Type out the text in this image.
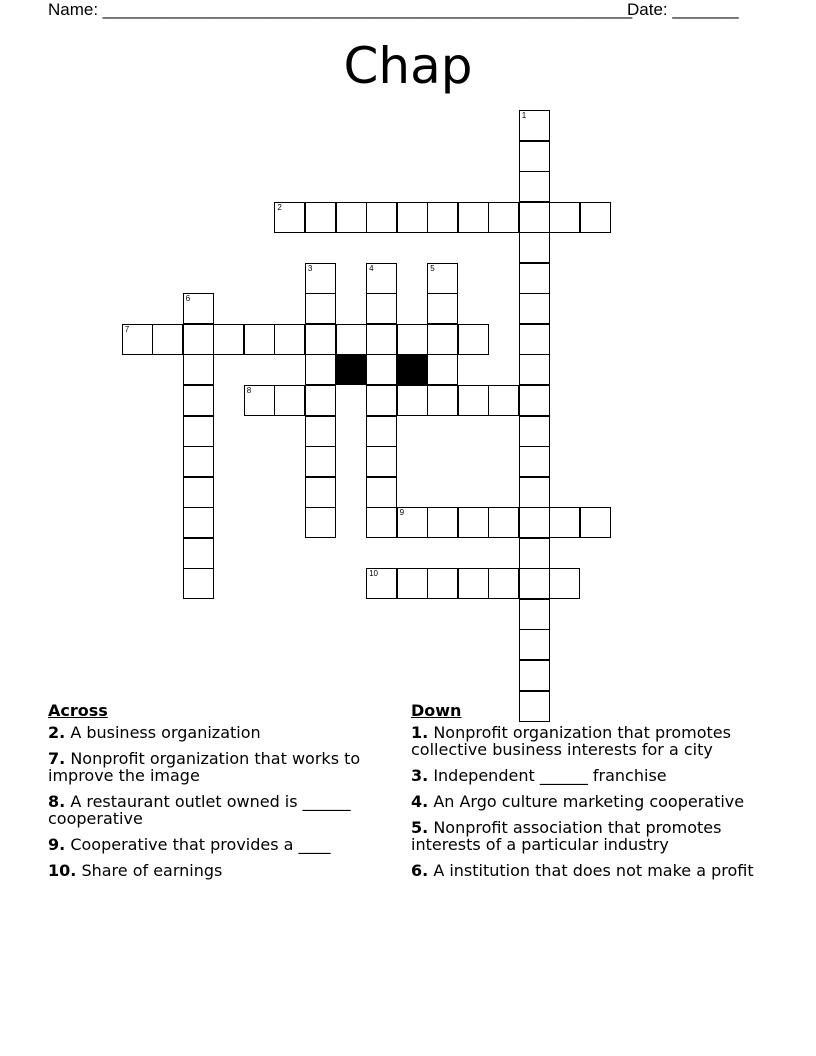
Name: ________________________________________________________
Date: _______
Chap
1
2
3	4	5
6
7
8
9
10
Across
2. A business organization
7. Nonprofit organization that works to improve the image
8. A restaurant outlet owned is ______ cooperative
9. Cooperative that provides a ____
10. Share of earnings
Down
1. Nonprofit organization that promotes collective business interests for a city
3. Independent ______ franchise
4. An Argo culture marketing cooperative
5. Nonprofit association that promotes interests of a particular industry
6. A institution that does not make a profit
